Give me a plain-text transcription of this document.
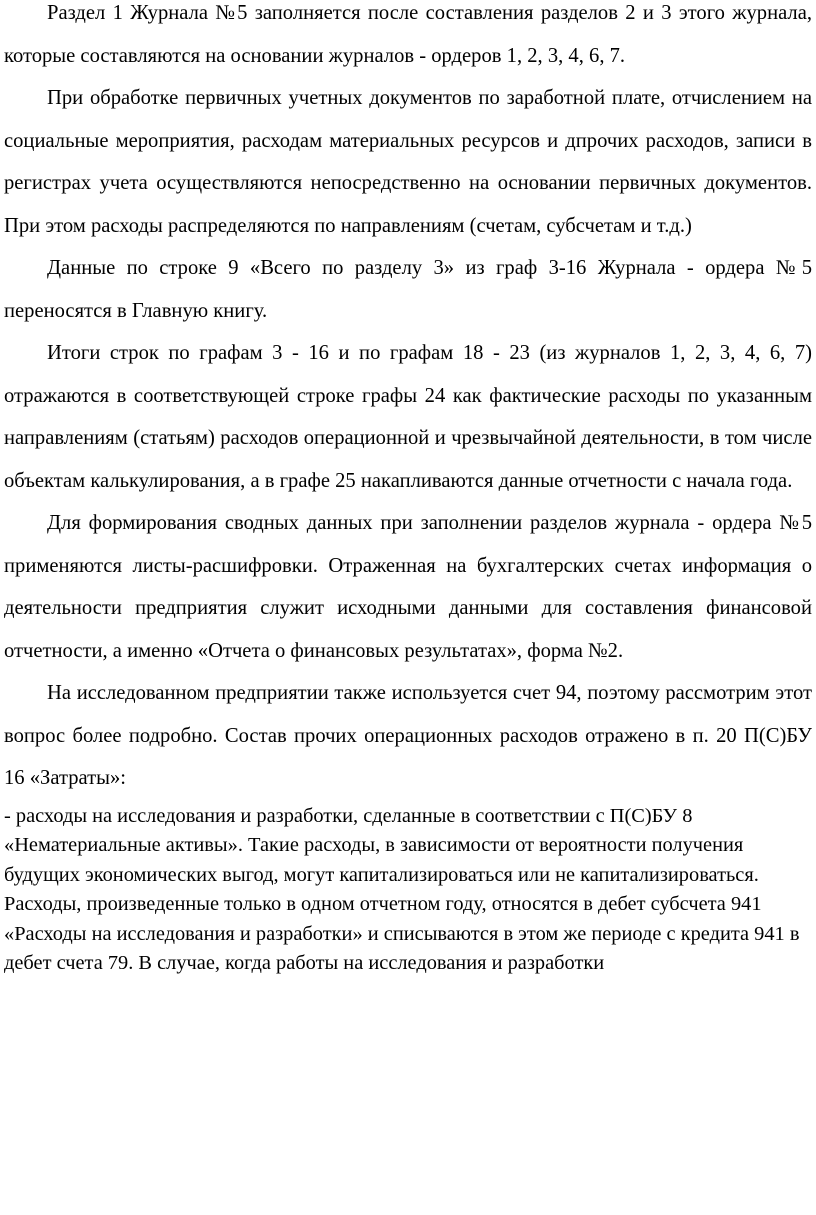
Раздел 1 Журнала №5 заполняется после составления разделов 2 и 3 этого журнала, которые составляются на основании журналов - ордеров 1, 2, 3, 4, 6, 7.

При обработке первичных учетных документов по заработной плате, отчислением на социальные мероприятия, расходам материальных ресурсов и дпрочих расходов, записи в регистрах учета осуществляются непосредственно на основании первичных документов. При этом расходы распределяются по направлениям (счетам, субсчетам и т.д.)

Данные по строке 9 «Всего по разделу 3» из граф 3-16 Журнала - ордера №5 переносятся в Главную книгу.

Итоги строк по графам 3 - 16 и по графам 18 - 23 (из журналов 1, 2, 3, 4, 6, 7) отражаются в соответствующей строке графы 24 как фактические расходы по указанным направлениям (статьям) расходов операционной и чрезвычайной деятельности, в том числе объектам калькулирования, а в графе 25 накапливаются данные отчетности с начала года.

Для формирования сводных данных при заполнении разделов журнала - ордера №5 применяются листы-расшифровки. Отраженная на бухгалтерских счетах информация о деятельности предприятия служит исходными данными для составления финансовой отчетности, а именно «Отчета о финансовых результатах», форма №2.

На исследованном предприятии также используется счет 94, поэтому рассмотрим этот вопрос более подробно. Состав прочих операционных расходов отражено в п. 20 П(С)БУ 16 «Затраты»:

- расходы на исследования и разработки, сделанные в соответствии с П(С)БУ 8 «Нематериальные активы». Такие расходы, в зависимости от вероятности получения будущих экономических выгод, могут капитализироваться или не капитализироваться. Расходы, произведенные только в одном отчетном году, относятся в дебет субсчета 941 «Расходы на исследования и разработки» и списываются в этом же периоде с кредита 941 в дебет счета 79. В случае, когда работы на исследования и разработки
